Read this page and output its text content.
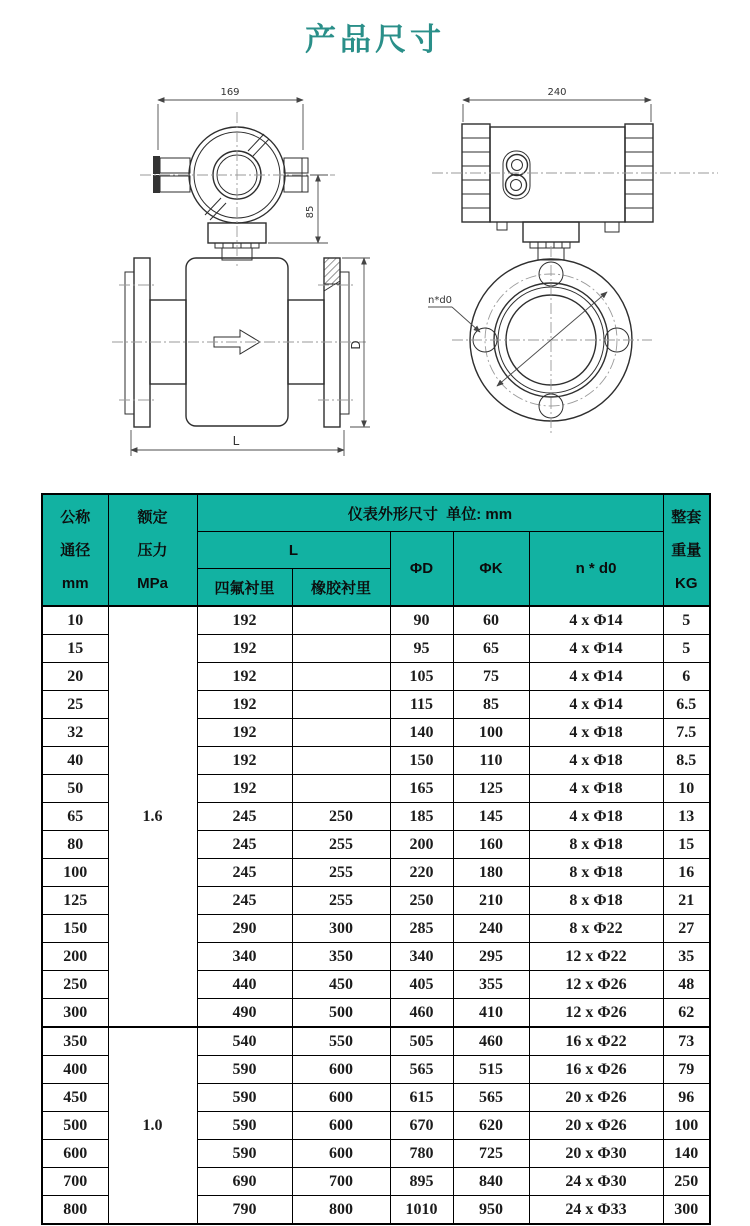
产品尺寸
169
85
L
D
240
n*d0
公称
通径
mm

额定
压力
MPa
	仪表外形尺寸  单位: mm	整套
重量
KG

		L		ΦD	ΦK	n * d0	
		四氟衬里	橡胶衬里				
10	1.6	192		90	60	4 x Φ14	5
15		192		95	65	4 x Φ14	5
20		192		105	75	4 x Φ14	6
25		192		115	85	4 x Φ14	6.5
32		192		140	100	4 x Φ18	7.5
40		192		150	110	4 x Φ18	8.5
50		192		165	125	4 x Φ18	10
65		245	250	185	145	4 x Φ18	13
80		245	255	200	160	8 x Φ18	15
100		245	255	220	180	8 x Φ18	16
125		245	255	250	210	8 x Φ18	21
150		290	300	285	240	8 x Φ22	27
200		340	350	340	295	12 x Φ22	35
250		440	450	405	355	12 x Φ26	48
300		490	500	460	410	12 x Φ26	62
350	1.0	540	550	505	460	16 x Φ22	73
400		590	600	565	515	16 x Φ26	79
450		590	600	615	565	20 x Φ26	96
500		590	600	670	620	20 x Φ26	100
600		590	600	780	725	20 x Φ30	140
700		690	700	895	840	24 x Φ30	250
800		790	800	1010	950	24 x Φ33	300
